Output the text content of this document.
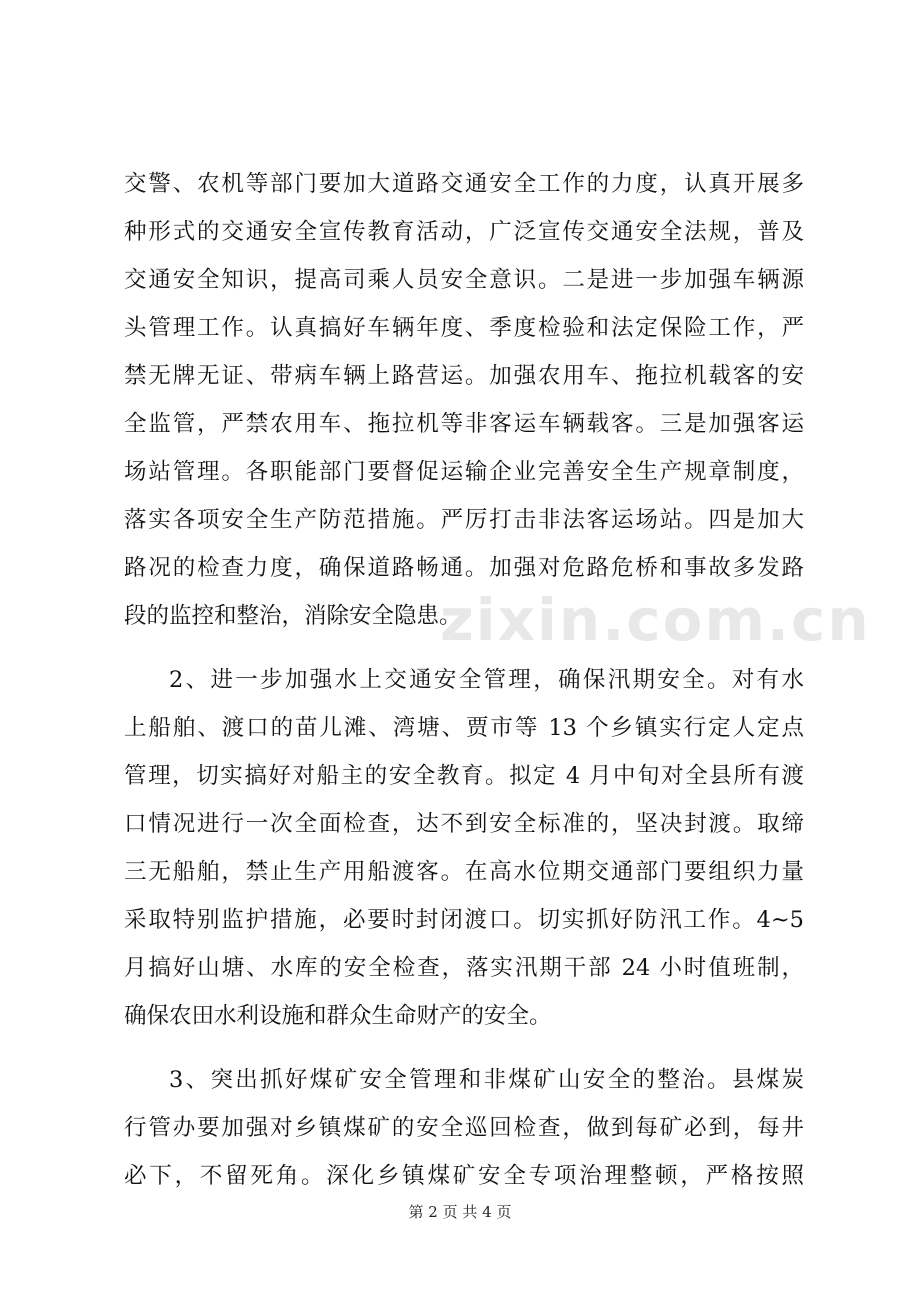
zixin.com.cn
交警、农机等部门要加大道路交通安全工作的力度，认真开展多
种形式的交通安全宣传教育活动，广泛宣传交通安全法规，普及
交通安全知识，提高司乘人员安全意识。二是进一步加强车辆源
头管理工作。认真搞好车辆年度、季度检验和法定保险工作，严
禁无牌无证、带病车辆上路营运。加强农用车、拖拉机载客的安
全监管，严禁农用车、拖拉机等非客运车辆载客。三是加强客运
场站管理。各职能部门要督促运输企业完善安全生产规章制度，
落实各项安全生产防范措施。严厉打击非法客运场站。四是加大
路况的检查力度，确保道路畅通。加强对危路危桥和事故多发路
段的监控和整治，消除安全隐患。
2、进一步加强水上交通安全管理，确保汛期安全。对有水
上船舶、渡口的苗儿滩、湾塘、贾市等 13 个乡镇实行定人定点
管理，切实搞好对船主的安全教育。拟定 4 月中旬对全县所有渡
口情况进行一次全面检查，达不到安全标准的，坚决封渡。取缔
三无船舶，禁止生产用船渡客。在高水位期交通部门要组织力量
采取特别监护措施，必要时封闭渡口。切实抓好防汛工作。4~5
月搞好山塘、水库的安全检查，落实汛期干部 24 小时值班制，
确保农田水利设施和群众生命财产的安全。
3、突出抓好煤矿安全管理和非煤矿山安全的整治。县煤炭
行管办要加强对乡镇煤矿的安全巡回检查，做到每矿必到，每井
必下，不留死角。深化乡镇煤矿安全专项治理整顿，严格按照
第 2 页 共 4 页
